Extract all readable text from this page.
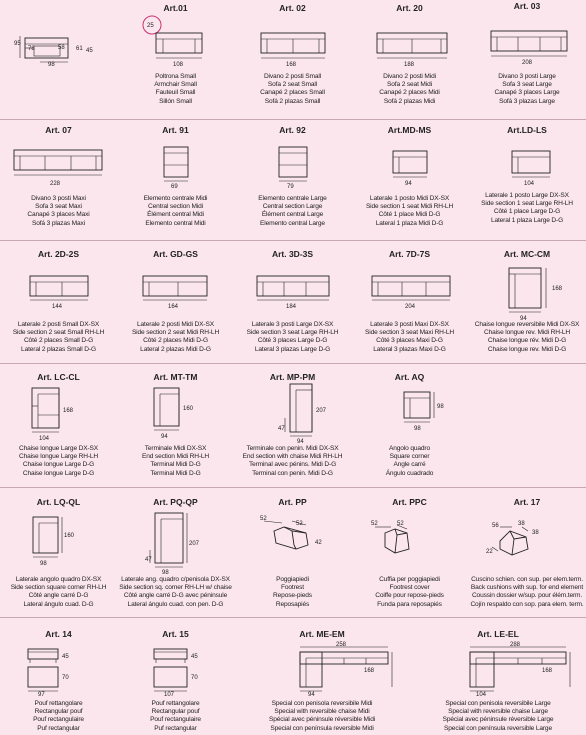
95
78	61 45
58
98
Art.01
25
108
Poltrona Small
Armchair Small
Fauteuil Small
Sillón Small
Art. 02
168
Divano 2 posti Small
Sofa 2 seat Small
Canapé 2 places Small
Sofá 2 plazas Small
Art. 20
188
Divano 2 posti Midi
Sofa 2 seat Midi
Canapé 2 places Midi
Sofá 2 plazas Midi
Art. 03
208
Divano 3 posti Large
Sofa 3 seat Large
Canapé 3 places Large
Sofá 3 plazas Large
Art. 07
228
Divano 3 posti Maxi
Sofa 3 seat Maxi
Canapé 3 places Maxi
Sofá 3 plazas Maxi
Art. 91
69
Elemento centrale Midi
Central section Midi
Élément central Midi
Elemento central Midi
Art. 92
79
Elemento centrale Large
Central section Large
Élément central Large
Elemento central Large
Art.MD-MS
94
Laterale 1 posto Midi DX-SX
Side section 1 seat Midi RH-LH
Côté 1 place Midi D-G
Lateral 1 plaza Midi D-G
Art.LD-LS
104
Laterale 1 posto Large DX-SX
Side section 1 seat Large RH-LH
Côté 1 place Large D-G
Lateral 1 plaza Large D-G
Art. 2D-2S
144
Laterale 2 posti Small DX-SX
Side section 2 seat Small RH-LH
Côté 2 places Small D-G
Lateral 2 plazas Small D-G
Art. GD-GS
164
Laterale 2 posti Midi DX-SX
Side section 2 seat Midi RH-LH
Côté 2 places Midi D-G
Lateral 2 plazas Midi D-G
Art. 3D-3S
184
Laterale 3 posti Large DX-SX
Side section 3 seat Large RH-LH
Côté 3 places Large D-G
Lateral 3 plazas Large D-G
Art. 7D-7S
204
Laterale 3 posti Maxi DX-SX
Side section 3 seat Maxi RH-LH
Côté 3 places Maxi D-G
Lateral 3 plazas Maxi D-G
Art. MC-CM
168
94
Chaise longue reversibile Midi DX-SX
Chaise longue rev. Midi RH-LH
Chaise longue rév. Midi D-G
Chaise longue rev. Midi D-G
Art. LC-CL
168
104
Chaise longue Large DX-SX
Chaise longue Large RH-LH
Chaise longue Large D-G
Chaise longue Large D-G
Art. MT-TM
160
94
Terminale Midi DX-SX
End section Midi RH-LH
Terminal Midi D-G
Terminal Midi D-G
Art. MP-PM
207
47
94
Terminale con penin. Midi DX-SX
End section with chaise Midi RH-LH
Terminal avec pénins. Midi D-G
Terminal con penin. Midi D-G
Art. AQ
98
98
Angolo quadro
Square corner
Angle carré
Ángulo cuadrado
Art. LQ-QL
160
98
Laterale angolo quadro DX-SX
Side section square corner RH-LH
Côté angle carré D-G
Lateral ángulo cuad. D-G
Art. PQ-QP
207
47
98
Laterale ang. quadro c/penisola DX-SX
Side section sq. corner RH-LH w/ chaise
Côté angle carré D-G avec péninsule
Lateral ángulo cuad. con pen. D-G
Art. PP
52
52
42
Poggiapiedi
Footrest
Repose-pieds
Reposapiés
Art. PPC
52	52
Cuffia per poggiapiedi
Footrest cover
Coiffe pour repose-pieds
Funda para reposapiés
Art. 17
56	38
22
38
Cuscino schien. con sup. per elem.term.
Back cushions with sup. for end element
Coussin dossier w/sup. pour élém.term.
Cojín respaldo con sop. para elem. term.
Art. 14
45
70
97
Pouf rettangolare
Rectangular pouf
Pouf rectangulaire
Puf rectangular
Art. 15
45
70
107
Pouf rettangolare
Rectangular pouf
Pouf rectangulaire
Puf rectangular
Art. ME-EM
258
168
94
Special con penisola reversibile Midi
Special with reversible chaise Midi
Spécial avec péninsule réversible Midi
Special con península reversible Midi
Art. LE-EL
288
168
104
Special con penisola reversibile Large
Special with reversible chaise Large
Spécial avec péninsule réversible Large
Special con península reversible Large
